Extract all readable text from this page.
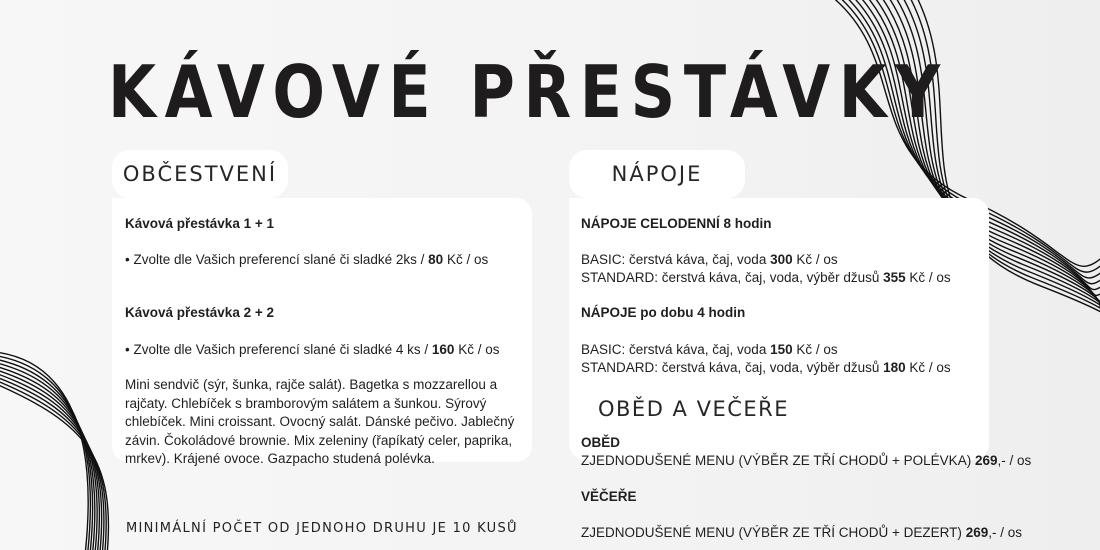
KÁVOVÉ PŘESTÁVKY
OBČESTVENÍ
Kávová přestávka 1 + 1
• Zvolte dle Vašich preferencí slané či sladké 2ks / 80 Kč / os
Kávová přestávka 2 + 2
• Zvolte dle Vašich preferencí slané či sladké 4 ks / 160 Kč / os
Mini sendvič (sýr, šunka, rajče salát). Bagetka s mozzarellou a rajčaty. Chlebíček s bramborovým salátem a šunkou. Sýrový chlebíček. Mini croissant. Ovocný salát. Dánské pečivo. Jablečný závin. Čokoládové brownie. Mix zeleniny (řapíkatý celer, paprika, mrkev). Krájené ovoce. Gazpacho studená polévka.
MINIMÁLNÍ POČET OD JEDNOHO DRUHU JE 10 KUSŮ
NÁPOJE
NÁPOJE CELODENNÍ 8 hodin
BASIC: čerstvá káva, čaj, voda 300 Kč / os
STANDARD: čerstvá káva, čaj, voda, výběr džusů 355 Kč / os
NÁPOJE po dobu 4 hodin
BASIC: čerstvá káva, čaj, voda 150 Kč / os
STANDARD: čerstvá káva, čaj, voda, výběr džusů 180 Kč / os
OBĚD A VEČEŘE
OBĚD
ZJEDNODUŠENÉ MENU (VÝBĚR ZE TŘÍ CHODŮ + POLÉVKA) 269,- / os
VĚČEŘE
ZJEDNODUŠENÉ MENU (VÝBĚR ZE TŘÍ CHODŮ + DEZERT) 269,- / os
